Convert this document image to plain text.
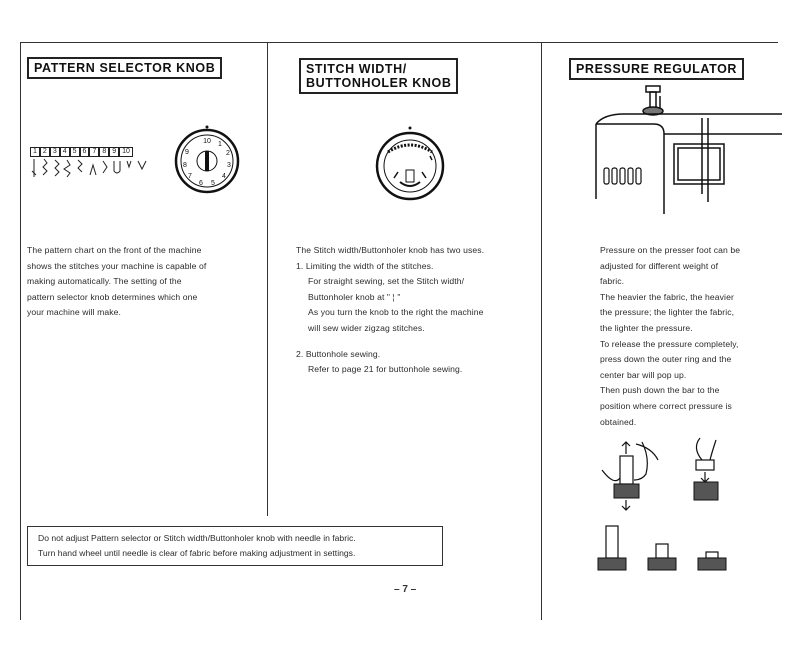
PATTERN SELECTOR KNOB
1 2 3 4 5 6 7 8 9 10
10 1
2
3
4
5
6
7
8
9

The pattern chart on the front of the machine

shows the stitches your machine is capable of

making automatically. The setting of the

pattern selector knob determines which one

your machine will make.

STITCH WIDTH/
BUTTONHOLER KNOB

The Stitch width/Buttonholer knob has two uses.

1. Limiting the width of the stitches.

For straight sewing, set the Stitch width/

Buttonholer knob at " ¦ "

As you turn the knob to the right the machine

will sew wider zigzag stitches.

2. Buttonhole sewing.

Refer to page 21 for buttonhole sewing.

PRESSURE REGULATOR

Pressure on the presser foot can be

adjusted for different weight of

fabric.

The heavier the fabric, the heavier

the pressure; the lighter the fabric,

the lighter the pressure.

To release the pressure completely,

press down the outer ring and the

center bar will pop up.

Then push down the bar to the

position where correct pressure is

obtained.

Do not adjust Pattern selector or Stitch width/Buttonholer knob with needle in fabric.

Turn hand wheel until needle is clear of fabric before making adjustment in settings.

– 7 –
